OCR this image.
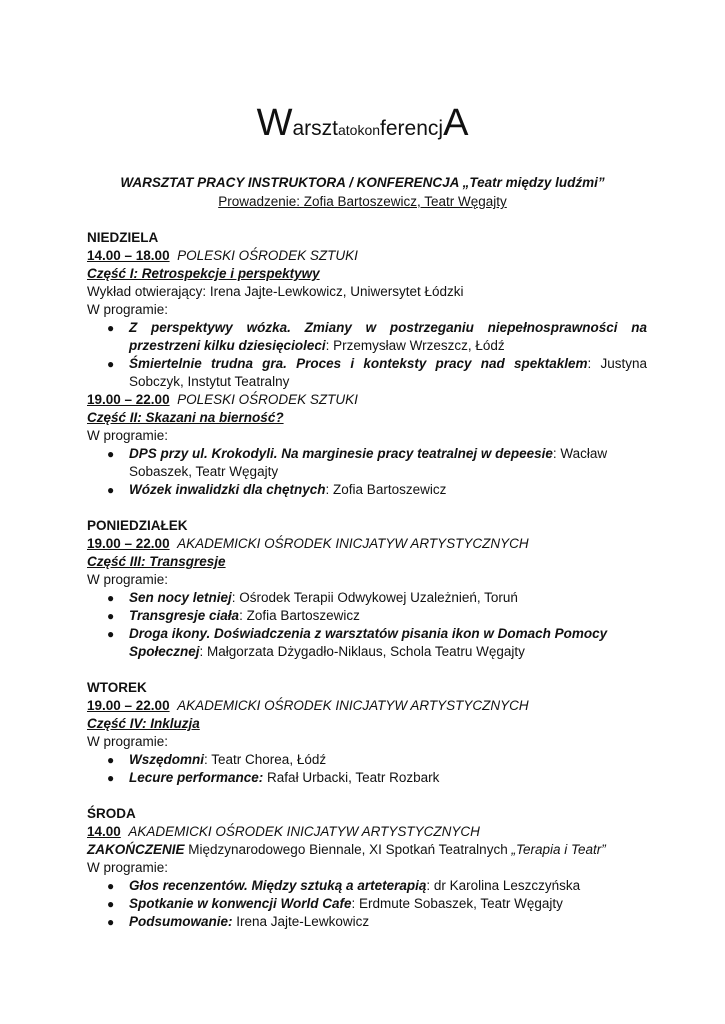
WarsztatokonferencjA
WARSZTAT PRACY INSTRUKTORA / KONFERENCJA „Teatr między ludźmi”
Prowadzenie: Zofia Bartoszewicz, Teatr Węgajty
NIEDZIELA
14.00 – 18.00 POLESKI OŚRODEK SZTUKI
Część I: Retrospekcje i perspektywy
Wykład otwierający: Irena Jajte-Lewkowicz, Uniwersytet Łódzki
W programie:
● Z perspektywy wózka. Zmiany w postrzeganiu niepełnosprawności na przestrzeni kilku dziesięcioleci: Przemysław Wrzeszcz, Łódź
● Śmiertelnie trudna gra. Proces i konteksty pracy nad spektaklem: Justyna Sobczyk, Instytut Teatralny
19.00 – 22.00 POLESKI OŚRODEK SZTUKI
Część II: Skazani na bierność?
W programie:
● DPS przy ul. Krokodyli. Na marginesie pracy teatralnej w depeesie: Wacław Sobaszek, Teatr Węgajty
● Wózek inwalidzki dla chętnych: Zofia Bartoszewicz
PONIEDZIAŁEK
19.00 – 22.00 AKADEMICKI OŚRODEK INICJATYW ARTYSTYCZNYCH
Część III: Transgresje
W programie:
● Sen nocy letniej: Ośrodek Terapii Odwykowej Uzależnień, Toruń
● Transgresje ciała: Zofia Bartoszewicz
● Droga ikony. Doświadczenia z warsztatów pisania ikon w Domach Pomocy Społecznej: Małgorzata Dżygadło-Niklaus, Schola Teatru Węgajty
WTOREK
19.00 – 22.00 AKADEMICKI OŚRODEK INICJATYW ARTYSTYCZNYCH
Część IV: Inkluzja
W programie:
● Wszędomni: Teatr Chorea, Łódź
● Lecure performance: Rafał Urbacki, Teatr Rozbark
ŚRODA
14.00 AKADEMICKI OŚRODEK INICJATYW ARTYSTYCZNYCH
ZAKOŃCZENIE Międzynarodowego Biennale, XI Spotkań Teatralnych „Terapia i Teatr”
W programie:
● Głos recenzentów. Między sztuką a arteterapią: dr Karolina Leszczyńska
● Spotkanie w konwencji World Cafe: Erdmute Sobaszek, Teatr Węgajty
● Podsumowanie: Irena Jajte-Lewkowicz
